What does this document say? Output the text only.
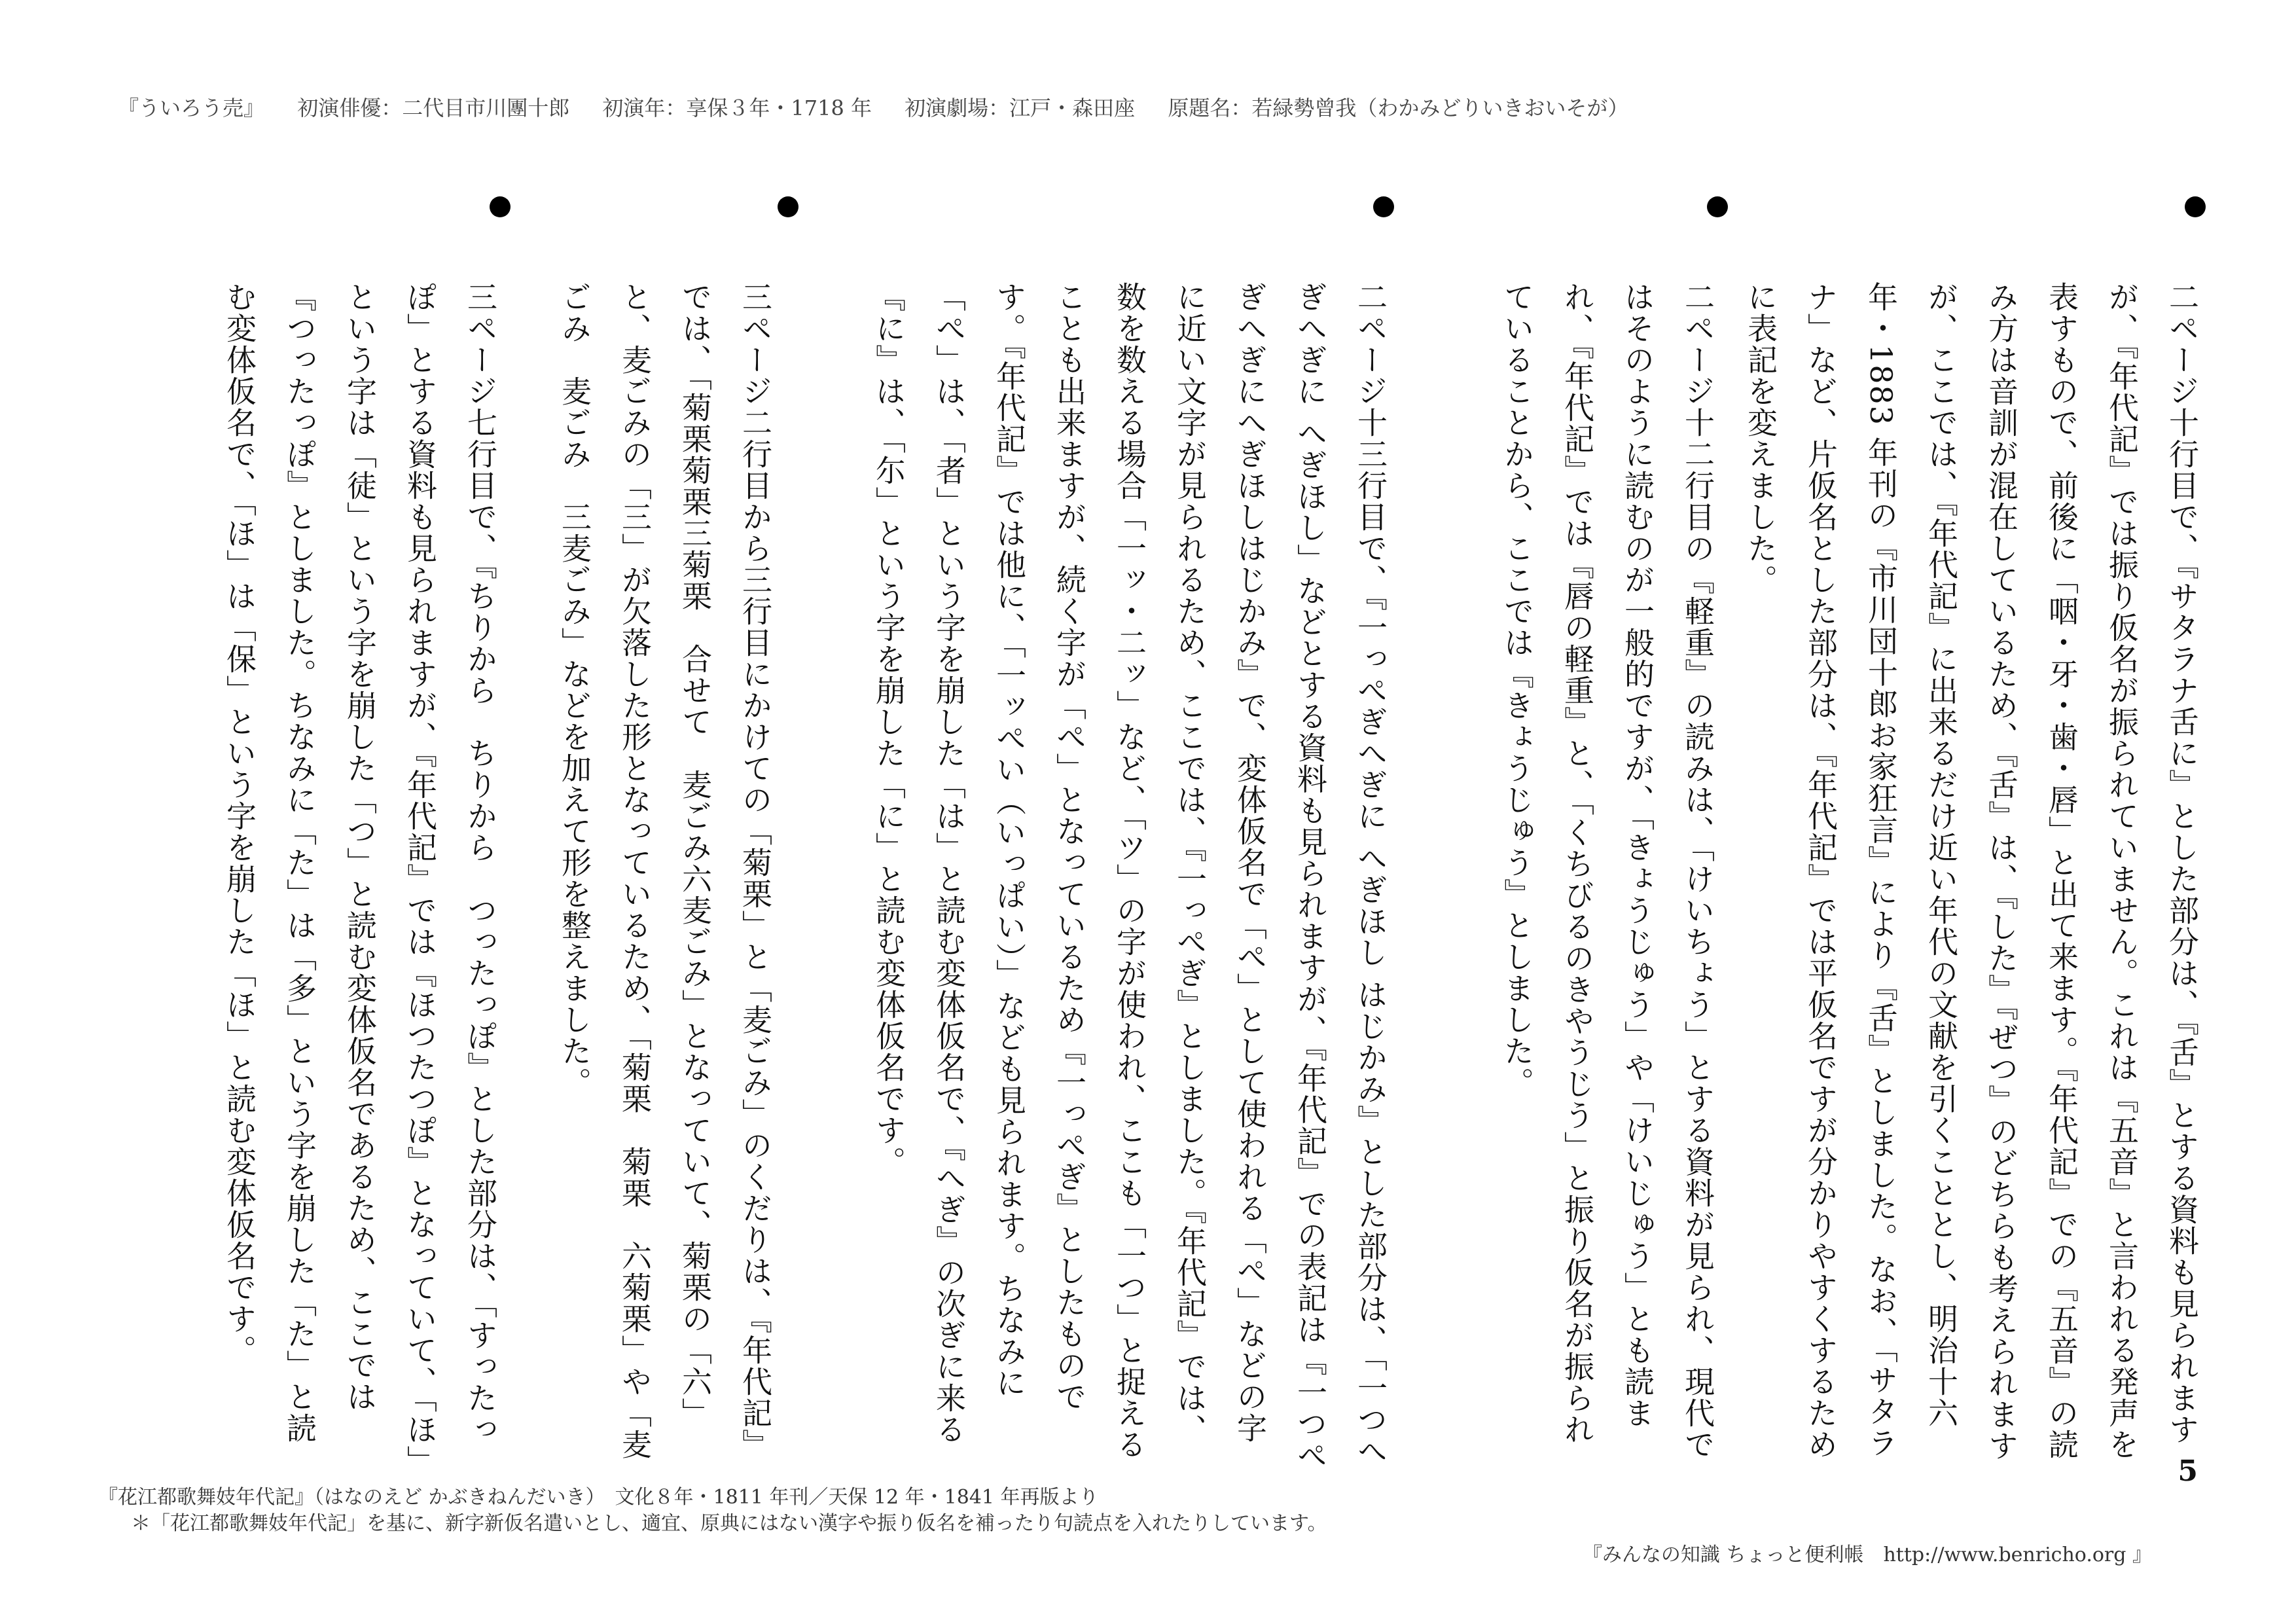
『ういろう売』 初演俳優：二代目市川團十郎 初演年：享保３年・1718 年 初演劇場：江戸・森田座 原題名：若緑勢曾我（わかみどりいきおいそが）
二ページ十行目で、『サタラナ舌に』とした部分は、『舌』とする資料も見られますが、『年代記』では振り仮名が振られていません。これは『五音』と言われる発声を表すもので、前後に「咽・牙・歯・唇」と出て来ます。『年代記』での『五音』の読み方は音訓が混在しているため、『舌』は、『した』『ぜつ』のどちらも考えられますが、ここでは、『年代記』に出来るだけ近い年代の文献を引くこととし、明治十六年・1883 年刊の『市川団十郎お家狂言』により『舌』としました。なお、「サタラナ」など、片仮名とした部分は、『年代記』では平仮名ですが分かりやすくするために表記を変えました。
二ページ十二行目の『軽重』の読みは、「けいちょう」とする資料が見られ、現代ではそのように読むのが一般的ですが、「きょうじゅう」や「けいじゅう」とも読まれ、『年代記』では『唇の軽重』と、「くちびるのきやうじう」と振り仮名が振られていることから、ここでは『きょうじゅう』としました。
二ページ十三行目で、『一っぺぎへぎに へぎほし はじかみ』とした部分は、「一つへぎへぎに へぎほし」などとする資料も見られますが、『年代記』での表記は『一つぺぎへぎにへぎほしはじかみ』で、変体仮名で「ぺ」として使われる「ぺ」などの字に近い文字が見られるため、ここでは、『一っぺぎ』としました。『年代記』では、数を数える場合「一ッ・二ッ」など、「ツ」の字が使われ、ここも「一つ」と捉えることも出来ますが、続く字が「ぺ」となっているため『一っぺぎ』としたものです。『年代記』では他に、「一ッぺい（いっぱい）」なども見られます。ちなみに「ぺ」は、「者」という字を崩した「は」と読む変体仮名で、『へぎ』の次ぎに来る『に』は、「尓」という字を崩した「に」と読む変体仮名です。
三ページ二行目から三行目にかけての「菊栗」と「麦ごみ」のくだりは、『年代記』では、「菊栗菊栗三菊栗　合せて　麦ごみ六麦ごみ」となっていて、菊栗の「六」と、麦ごみの「三」が欠落した形となっているため、「菊栗　菊栗　六菊栗」や「麦ごみ　麦ごみ　三麦ごみ」などを加えて形を整えました。
三ページ七行目で、『ちりから　ちりから　つったっぽ』とした部分は、「すったっぽ」とする資料も見られますが、『年代記』では『ほつたつぽ』となっていて、「ほ」という字は「徒」という字を崩した「つ」と読む変体仮名であるため、ここでは『つったっぽ』としました。ちなみに「た」は「多」という字を崩した「た」と読む変体仮名で、「ほ」は「保」という字を崩した「ほ」と読む変体仮名です。
5
『花江都歌舞妓年代記』（はなのえど かぶきねんだいき）　文化８年・1811 年刊／天保 12 年・1841 年再版より
＊「花江都歌舞妓年代記」を基に、新字新仮名遣いとし、適宜、原典にはない漢字や振り仮名を補ったり句読点を入れたりしています。
『みんなの知識 ちょっと便利帳　http://www.benricho.org 』
